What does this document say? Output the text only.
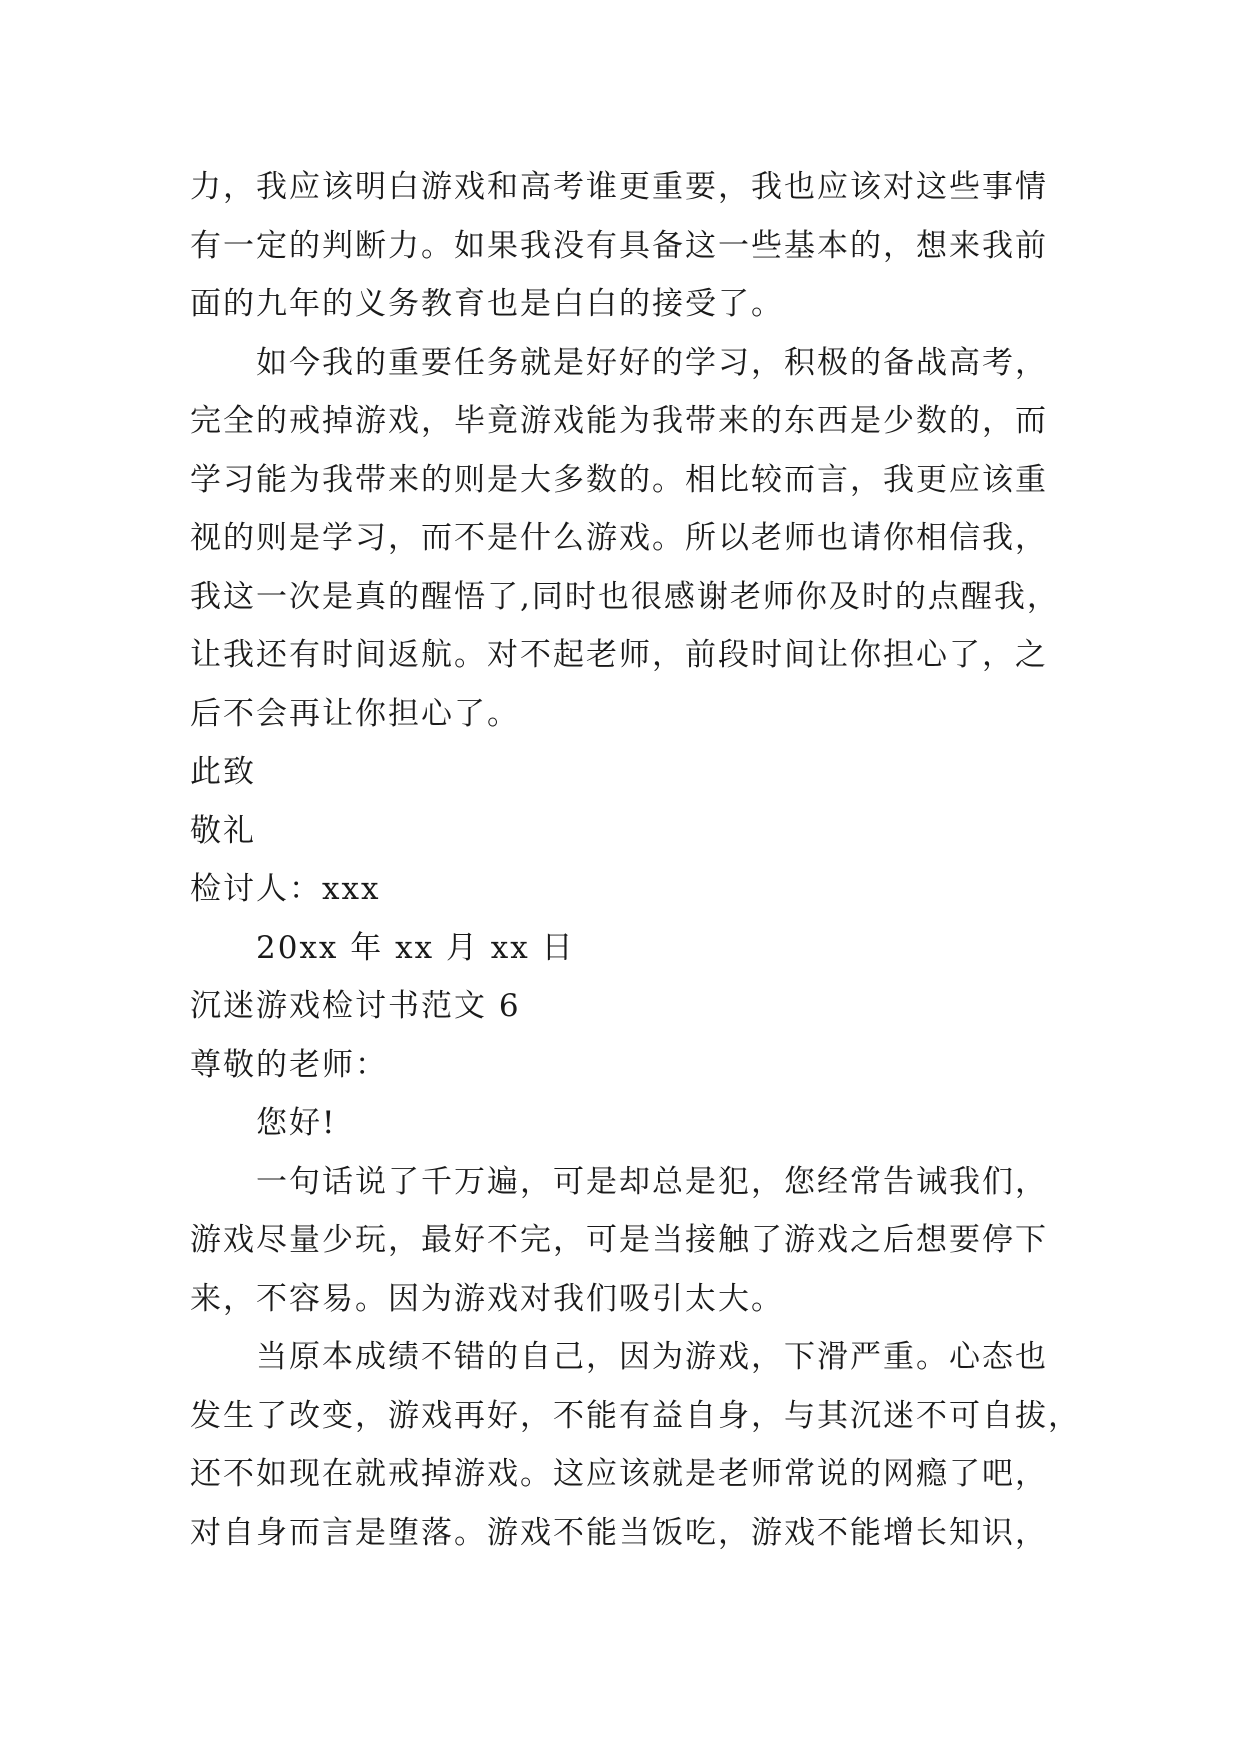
力，我应该明白游戏和高考谁更重要，我也应该对这些事情
有一定的判断力。如果我没有具备这一些基本的，想来我前
面的九年的义务教育也是白白的接受了。
如今我的重要任务就是好好的学习，积极的备战高考，
完全的戒掉游戏，毕竟游戏能为我带来的东西是少数的，而
学习能为我带来的则是大多数的。相比较而言，我更应该重
视的则是学习，而不是什么游戏。所以老师也请你相信我，
我这一次是真的醒悟了,同时也很感谢老师你及时的点醒我，
让我还有时间返航。对不起老师，前段时间让你担心了，之
后不会再让你担心了。
此致
敬礼
检讨人：xxx
20xx 年 xx 月 xx 日
沉迷游戏检讨书范文 6
尊敬的老师：
您好!
一句话说了千万遍，可是却总是犯，您经常告诫我们，
游戏尽量少玩，最好不完，可是当接触了游戏之后想要停下
来，不容易。因为游戏对我们吸引太大。
当原本成绩不错的自己，因为游戏，下滑严重。心态也
发生了改变，游戏再好，不能有益自身，与其沉迷不可自拔，
还不如现在就戒掉游戏。这应该就是老师常说的网瘾了吧，
对自身而言是堕落。游戏不能当饭吃，游戏不能增长知识，
